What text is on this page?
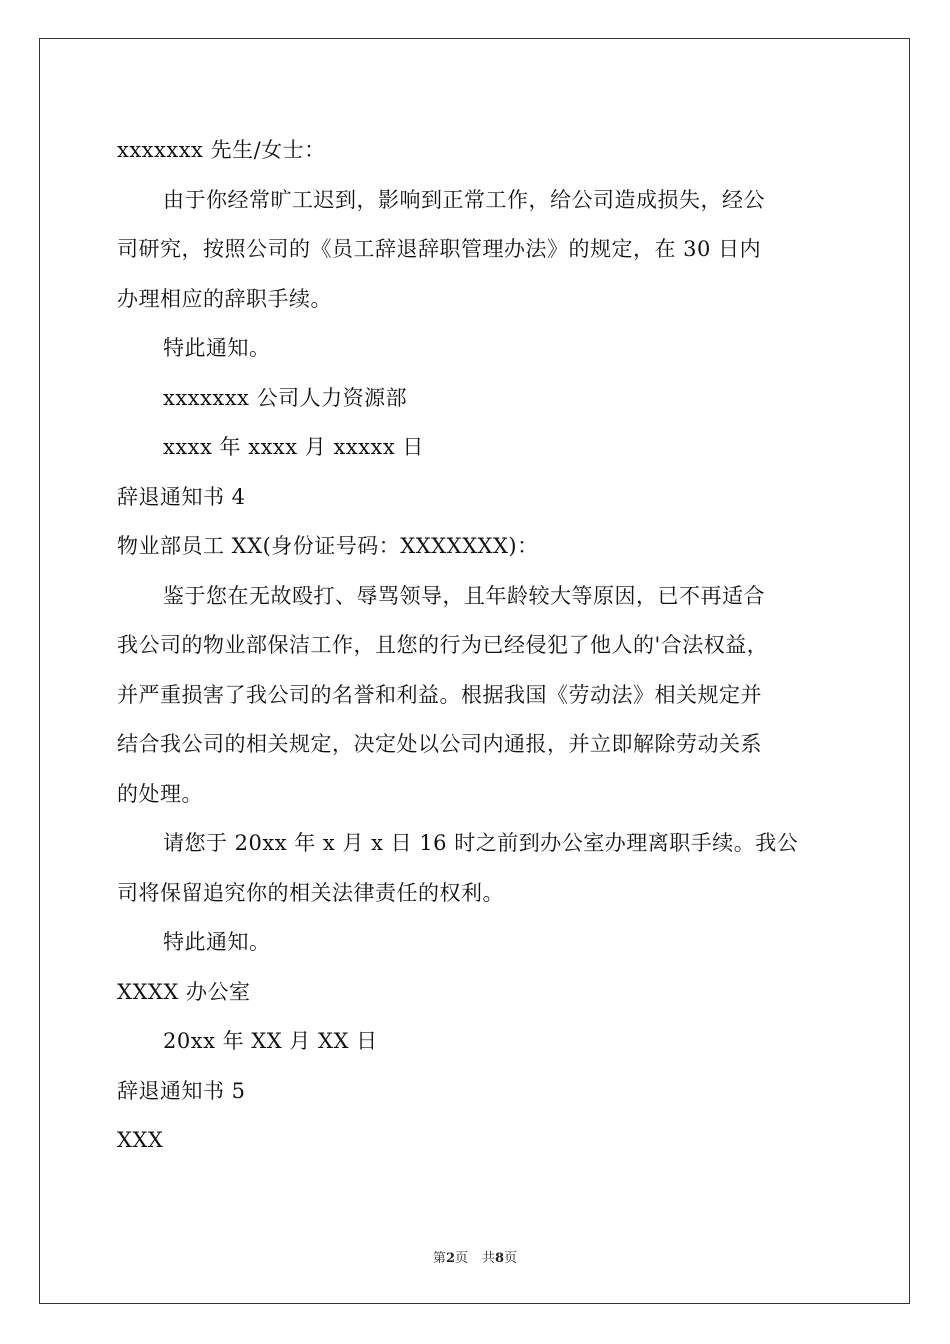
xxxxxxx 先生/女士：
由于你经常旷工迟到，影响到正常工作，给公司造成损失，经公
司研究，按照公司的《员工辞退辞职管理办法》的规定，在 30 日内
办理相应的辞职手续。
特此通知。
xxxxxxx 公司人力资源部
xxxx 年 xxxx 月 xxxxx 日
辞退通知书 4
物业部员工 XX(身份证号码：XXXXXXX)：
鉴于您在无故殴打、辱骂领导，且年龄较大等原因，已不再适合
我公司的物业部保洁工作，且您的行为已经侵犯了他人的'合法权益，
并严重损害了我公司的名誉和利益。根据我国《劳动法》相关规定并
结合我公司的相关规定，决定处以公司内通报，并立即解除劳动关系
的处理。
请您于 20xx 年 x 月 x 日 16 时之前到办公室办理离职手续。我公
司将保留追究你的相关法律责任的权利。
特此通知。
XXXX 办公室
20xx 年 XX 月 XX 日
辞退通知书 5
XXX
第2页 共8页
